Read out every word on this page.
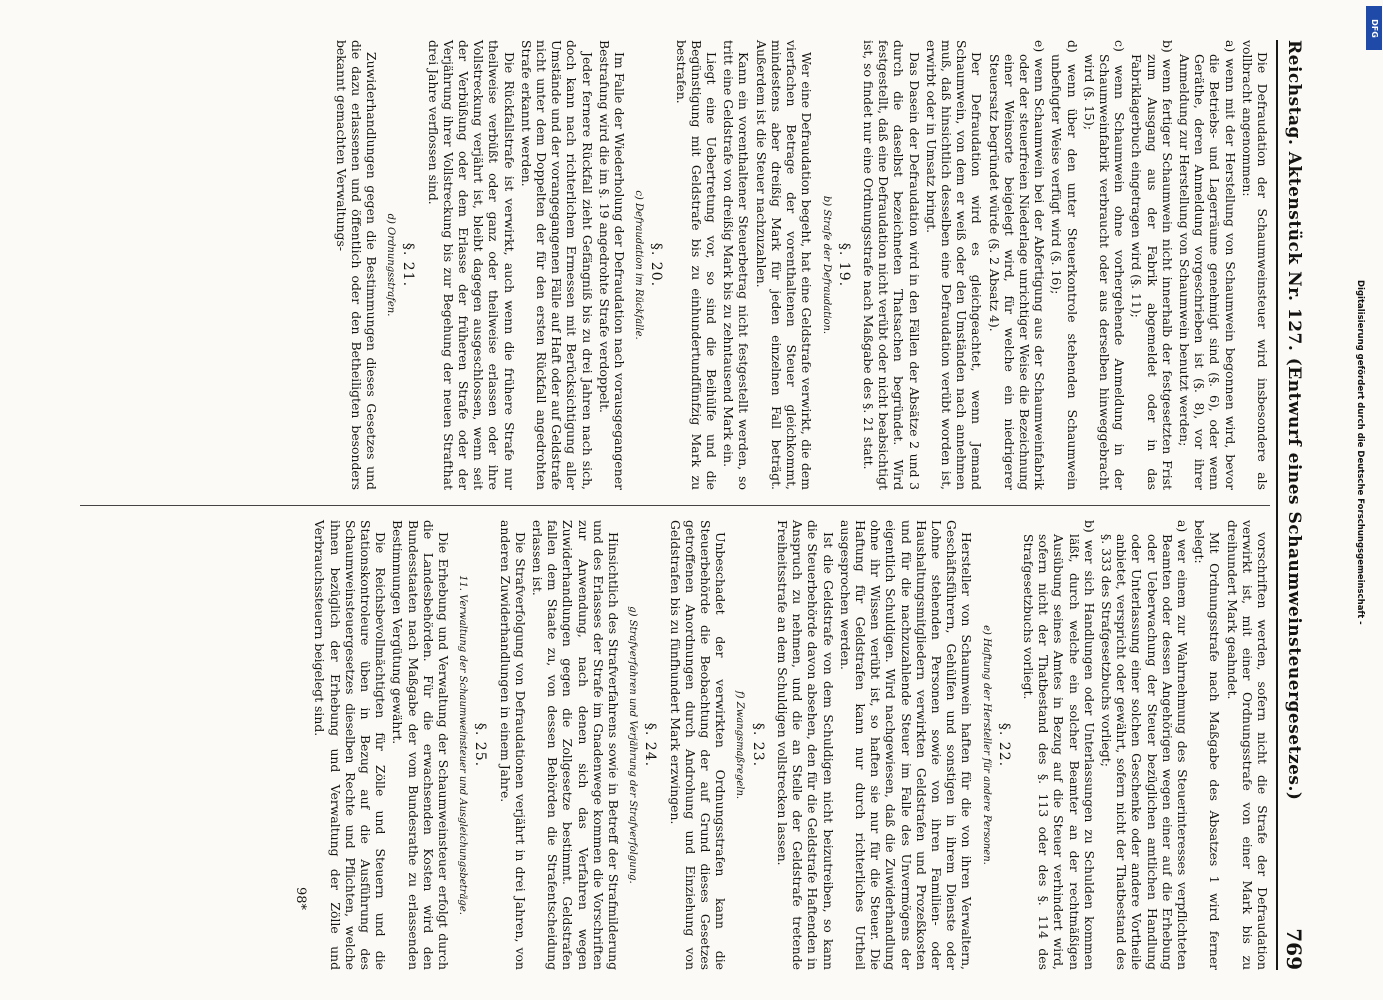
Reichstag. Aktenstück Nr. 127. (Entwurf eines Schaumweinsteuergesetzes.)
769

Die Defraudation der Schaumweinsteuer wird insbesondere als vollbracht angenommen:

a) wenn mit der Herstellung von Schaumwein begonnen wird, bevor die Betriebs- und Lagerräume genehmigt sind (§. 6), oder wenn Geräthe, deren Anmeldung vorgeschrieben ist (§. 8), vor ihrer Anmeldung zur Herstellung von Schaumwein benutzt werden;

b) wenn fertiger Schaumwein nicht innerhalb der festgesetzten Frist zum Ausgang aus der Fabrik abgemeldet oder in das Fabriklagerbuch eingetragen wird (§. 11);

c) wenn Schaumwein ohne vorhergehende Anmeldung in der Schaumweinfabrik verbraucht oder aus derselben hinweggebracht wird (§. 15);

d) wenn über den unter Steuerkontrole stehenden Schaumwein unbefugter Weise verfügt wird (§. 16);

e) wenn Schaumwein bei der Abfertigung aus der Schaumweinfabrik oder der steuerfreien Niederlage unrichtiger Weise die Bezeichnung einer Weinsorte beigelegt wird, für welche ein niedrigerer Steuersatz begründet würde (§. 2 Absatz 4).

Der Defraudation wird es gleichgeachtet, wenn Jemand Schaumwein, von dem er weiß oder den Umständen nach annehmen muß, daß hinsichtlich desselben eine Defraudation verübt worden ist, erwirbt oder in Umsatz bringt.

Das Dasein der Defraudation wird in den Fällen der Absätze 2 und 3 durch die daselbst bezeichneten Thatsachen begründet. Wird festgestellt, daß eine Defraudation nicht verübt oder nicht beabsichtigt ist, so findet nur eine Ordnungsstrafe nach Maßgabe des §. 21 statt.

§. 19.
b) Strafe der Defraudation.

Wer eine Defraudation begeht, hat eine Geldstrafe verwirkt, die dem vierfachen Betrage der vorenthaltenen Steuer gleichkommt, mindestens aber dreißig Mark für jeden einzelnen Fall beträgt. Außerdem ist die Steuer nachzuzahlen.

Kann ein vorenthaltener Steuerbetrag nicht festgestellt werden, so tritt eine Geldstrafe von dreißig Mark bis zu zehntausend Mark ein.

Liegt eine Uebertretung vor, so sind die Beihülfe und die Begünstigung mit Geldstrafe bis zu einhundertundfünfzig Mark zu bestrafen.

§. 20.
c) Defraudation im Rückfalle.

Im Falle der Wiederholung der Defraudation nach vorausgegangener Bestrafung wird die im §. 19 angedrohte Strafe verdoppelt.

Jeder fernere Rückfall zieht Gefängniß bis zu drei Jahren nach sich, doch kann nach richterlichem Ermessen mit Berücksichtigung aller Umstände und der vorangegangenen Fälle auf Haft oder auf Geldstrafe nicht unter dem Doppelten der für den ersten Rückfall angedrohten Strafe erkannt werden.

Die Rückfallstrafe ist verwirkt, auch wenn die frühere Strafe nur theilweise verbüßt oder ganz oder theilweise erlassen oder ihre Vollstreckung verjährt ist, bleibt dagegen ausgeschlossen, wenn seit der Verbüßung oder dem Erlasse der früheren Strafe oder der Verjährung ihrer Vollstreckung bis zur Begehung der neuen Strafthat drei Jahre verflossen sind.

§. 21.
d) Ordnungsstrafen.

Zuwiderhandlungen gegen die Bestimmungen dieses Gesetzes und die dazu erlassenen und öffentlich oder den Betheiligten besonders bekannt gemachten Verwaltungs-

vorschriften werden, sofern nicht die Strafe der Defraudation verwirkt ist, mit einer Ordnungsstrafe von einer Mark bis zu dreihundert Mark geahndet.

Mit Ordnungsstrafe nach Maßgabe des Absatzes 1 wird ferner belegt:

a) wer einem zur Wahrnehmung des Steuerinteresses verpflichteten Beamten oder dessen Angehörigen wegen einer auf die Erhebung oder Ueberwachung der Steuer bezüglichen amtlichen Handlung oder Unterlassung einer solchen Geschenke oder andere Vortheile anbietet, verspricht oder gewährt, sofern nicht der Thatbestand des §. 333 des Strafgesetzbuchs vorliegt;

b) wer sich Handlungen oder Unterlassungen zu Schulden kommen läßt, durch welche ein solcher Beamter an der rechtmäßigen Ausübung seines Amtes in Bezug auf die Steuer verhindert wird, sofern nicht der Thatbestand des §. 113 oder des §. 114 des Strafgesetzbuchs vorliegt.

§. 22.
e) Haftung der Hersteller für andere Personen.

Hersteller von Schaumwein haften für die von ihren Verwaltern, Geschäftsführern, Gehülfen und sonstigen in ihrem Dienste oder Lohne stehenden Personen sowie von ihren Familien- oder Haushaltungsmitgliedern verwirkten Geldstrafen und Prozeßkosten und für die nachzuzahlende Steuer im Falle des Unvermögens der eigentlich Schuldigen. Wird nachgewiesen, daß die Zuwiderhandlung ohne ihr Wissen verübt ist, so haften sie nur für die Steuer. Die Haftung für Geldstrafen kann nur durch richterliches Urtheil ausgesprochen werden.

Ist die Geldstrafe von dem Schuldigen nicht beizutreiben, so kann die Steuerbehörde davon absehen, den für die Geldstrafe Haftenden in Anspruch zu nehmen, und die an Stelle der Geldstrafe tretende Freiheitsstrafe an dem Schuldigen vollstrecken lassen.

§. 23.
f) Zwangsmaßregeln.

Unbeschadet der verwirkten Ordnungsstrafen kann die Steuerbehörde die Beobachtung der auf Grund dieses Gesetzes getroffenen Anordnungen durch Androhung und Einziehung von Geldstrafen bis zu fünfhundert Mark erzwingen.

§. 24.
g) Strafverfahren und Verjährung der Strafverfolgung.

Hinsichtlich des Strafverfahrens sowie in Betreff der Strafmilderung und des Erlasses der Strafe im Gnadenwege kommen die Vorschriften zur Anwendung, nach denen sich das Verfahren wegen Zuwiderhandlungen gegen die Zollgesetze bestimmt. Geldstrafen fallen dem Staate zu, von dessen Behörden die Strafentscheidung erlassen ist.

Die Strafverfolgung von Defraudationen verjährt in drei Jahren, von anderen Zuwiderhandlungen in einem Jahre.

§. 25.
11. Verwaltung der Schaumweinsteuer und Ausgleichungsbeträge.

Die Erhebung und Verwaltung der Schaumweinsteuer erfolgt durch die Landesbehörden. Für die erwachsenden Kosten wird den Bundesstaaten nach Maßgabe der vom Bundesrathe zu erlassenden Bestimmungen Vergütung gewährt.

Die Reichsbevollmächtigten für Zölle und Steuern und die Stationskontroleure üben in Bezug auf die Ausführung des Schaumweinsteuergesetzes dieselben Rechte und Pflichten, welche ihnen bezüglich der Erhebung und Verwaltung der Zölle und Verbrauchssteuern beigelegt sind.

98*
DFG
Digitalisierung gefördert durch die Deutsche Forschungsgemeinschaft -
